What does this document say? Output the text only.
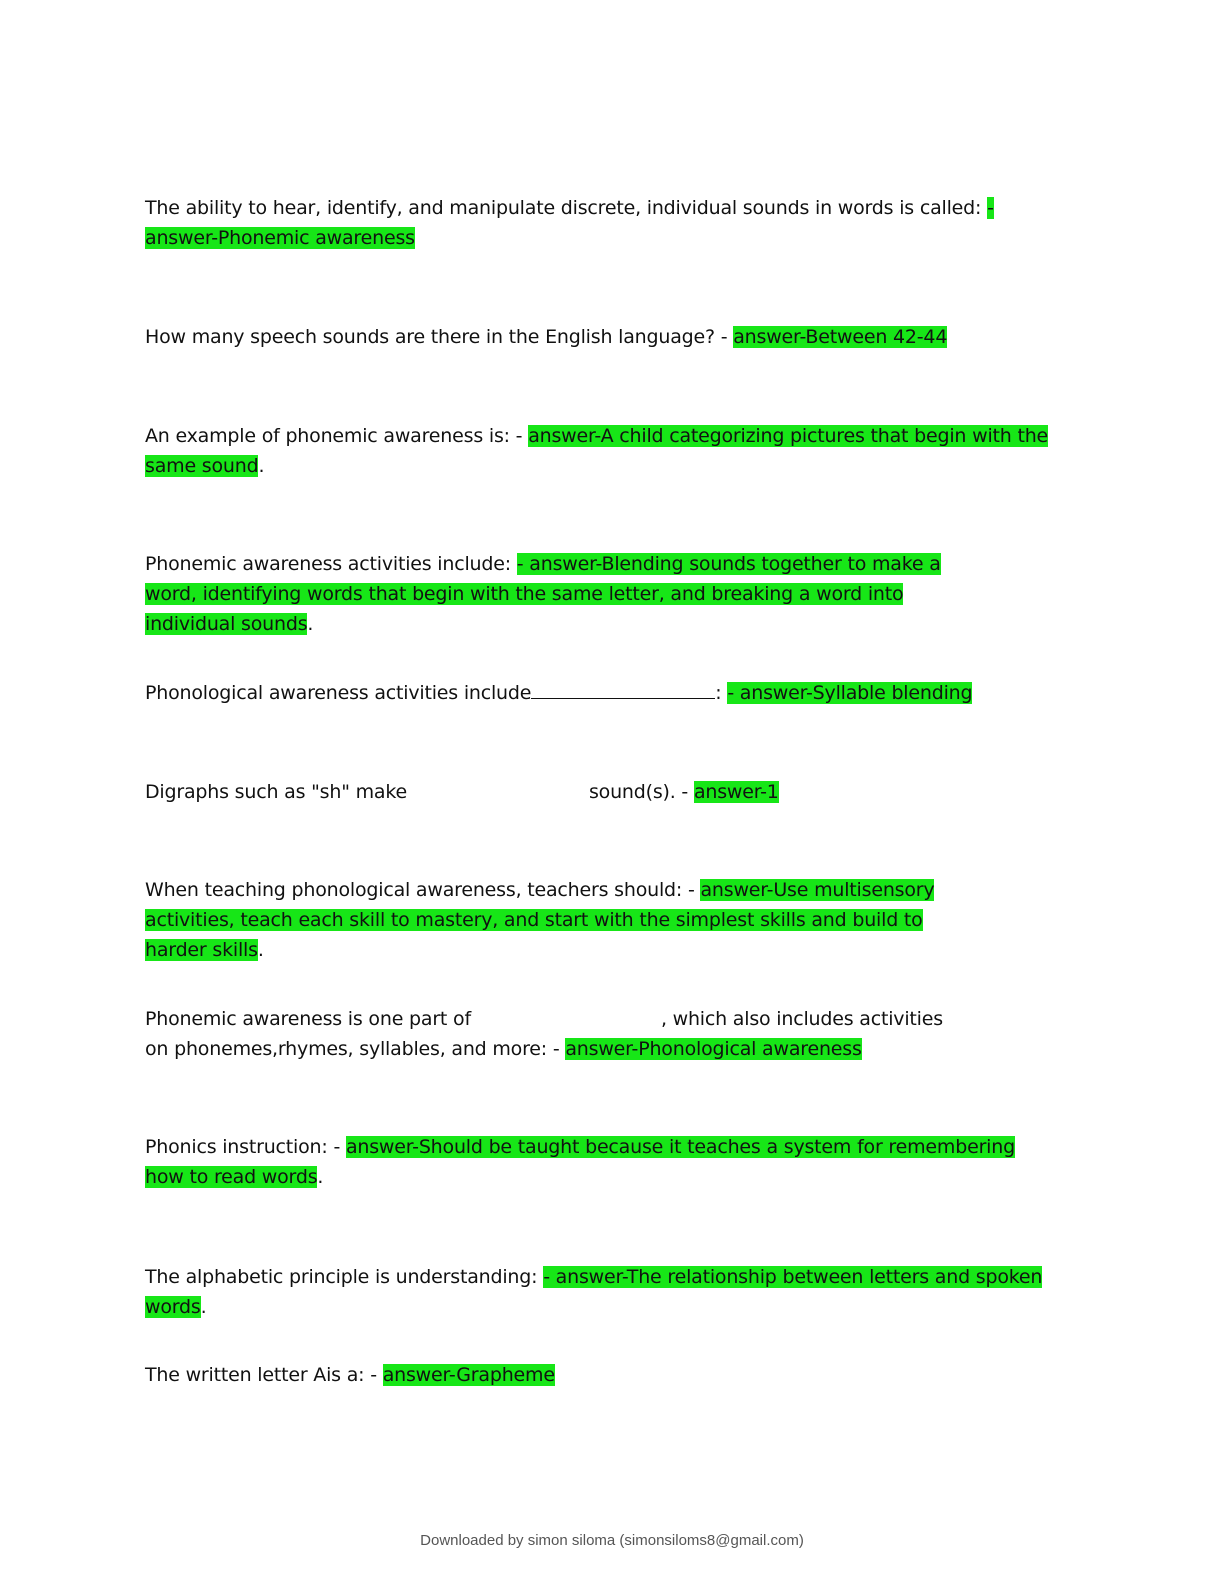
The ability to hear, identify, and manipulate discrete, individual sounds in words is called: - answer-Phonemic awareness
How many speech sounds are there in the English language? - answer-Between 42-44
An example of phonemic awareness is: - answer-A child categorizing pictures that begin with the same sound.
Phonemic awareness activities include: - answer-Blending sounds together to make a word, identifying words that begin with the same letter, and breaking a word into individual sounds.
Phonological awareness activities include	: - answer-Syllable blending
Digraphs such as "sh" make	sound(s). - answer-1
When teaching phonological awareness, teachers should: - answer-Use multisensory activities, teach each skill to mastery, and start with the simplest skills and build to harder skills.
Phonemic awareness is one part of	, which also includes activities on phonemes,rhymes, syllables, and more: - answer-Phonological awareness
Phonics instruction: - answer-Should be taught because it teaches a system for remembering how to read words.
The alphabetic principle is understanding: - answer-The relationship between letters and spoken words.
The written letter Ais a: - answer-Grapheme
Downloaded by simon siloma (simonsiloms8@gmail.com)
